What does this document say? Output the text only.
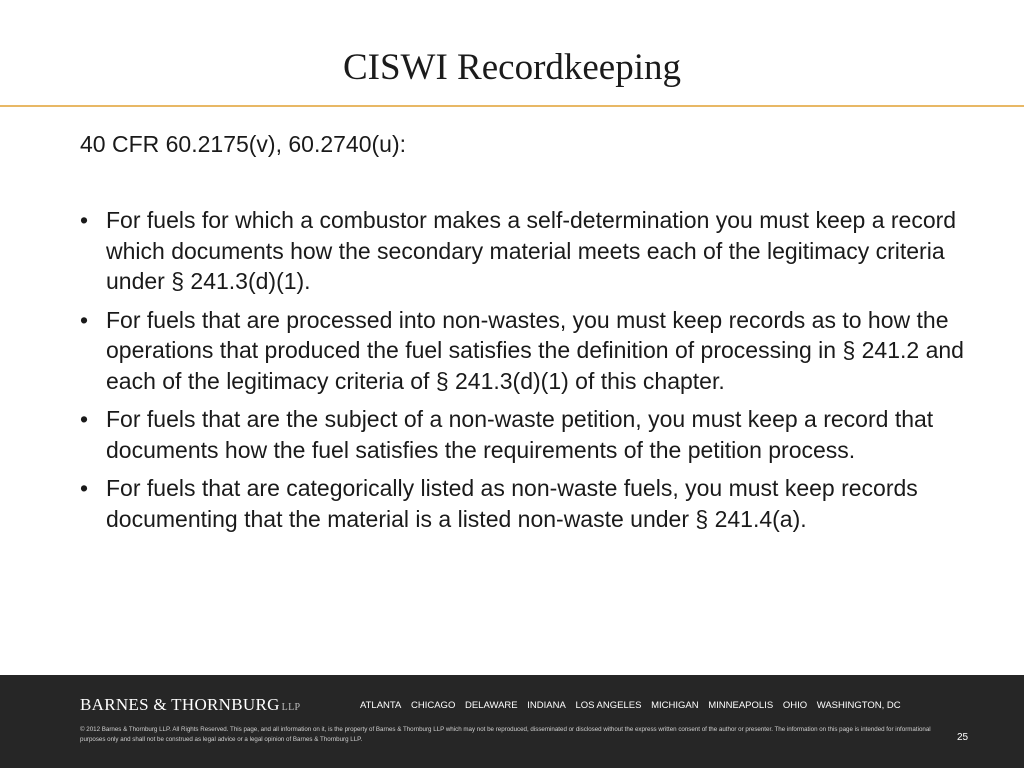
CISWI Recordkeeping
40 CFR 60.2175(v), 60.2740(u):
• For fuels for which a combustor makes a self-determination you must keep a record which documents how the secondary material meets each of the legitimacy criteria under § 241.3(d)(1).
• For fuels that are processed into non-wastes, you must keep records as to how the operations that produced the fuel satisfies the definition of processing in § 241.2 and each of the legitimacy criteria of § 241.3(d)(1) of this chapter.
• For fuels that are the subject of a non-waste petition, you must keep a record that documents how the fuel satisfies the requirements of the petition process.
• For fuels that are categorically listed as non-waste fuels, you must keep records documenting that the material is a listed non-waste under § 241.4(a).
BARNES & THORNBURG LLP	ATLANTA CHICAGO DELAWARE INDIANA LOS ANGELES MICHIGAN MINNEAPOLIS OHIO WASHINGTON, DC
© 2012 Barnes & Thornburg LLP. All Rights Reserved. This page, and all information on it, is the property of Barnes & Thornburg LLP which may not be reproduced, disseminated or disclosed without the express written consent of the author or presenter. The information on this page is intended for informational purposes only and shall not be construed as legal advice or a legal opinion of Barnes & Thornburg LLP.	25
